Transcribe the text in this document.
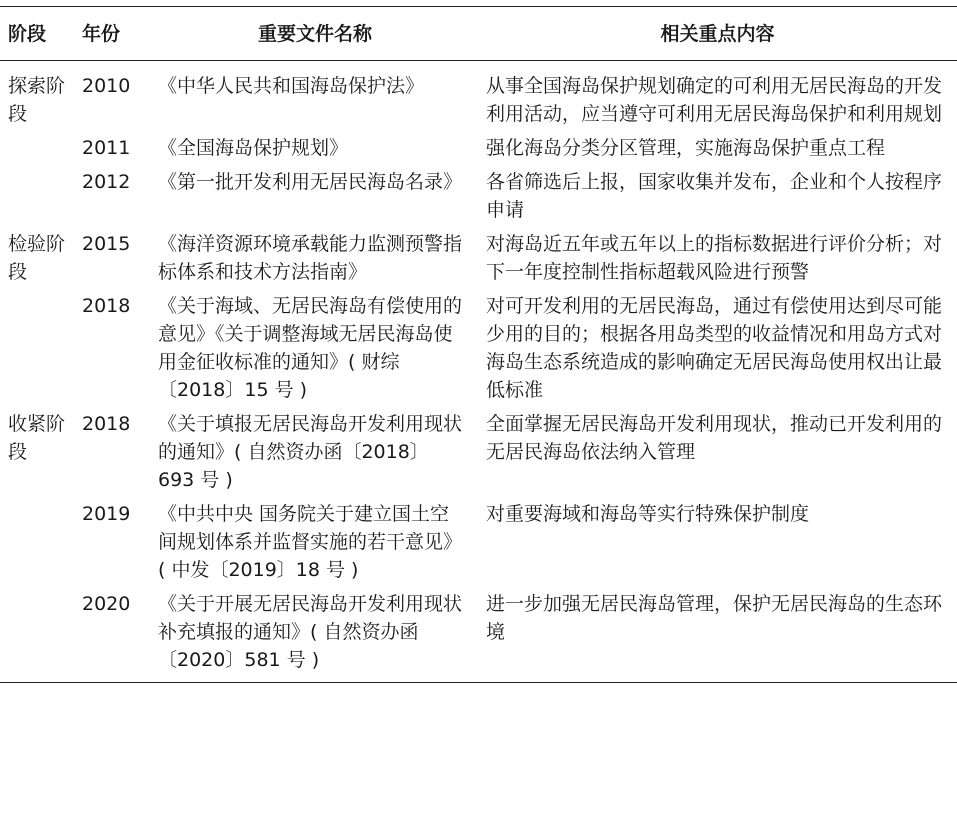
阶段	年份	重要文件名称	相关重点内容
探索阶段	2010	《中华人民共和国海岛保护法》	从事全国海岛保护规划确定的可利用无居民海岛的开发利用活动，应当遵守可利用无居民海岛保护和利用规划
	2011	《全国海岛保护规划》	强化海岛分类分区管理，实施海岛保护重点工程
	2012	《第一批开发利用无居民海岛名录》	各省筛选后上报，国家收集并发布，企业和个人按程序申请
检验阶段	2015	《海洋资源环境承载能力监测预警指标体系和技术方法指南》	对海岛近五年或五年以上的指标数据进行评价分析；对下一年度控制性指标超载风险进行预警
	2018	《关于海域、无居民海岛有偿使用的意见》《关于调整海域无居民海岛使用金征收标准的通知》( 财综〔2018〕15 号 )	对可开发利用的无居民海岛，通过有偿使用达到尽可能少用的目的；根据各用岛类型的收益情况和用岛方式对海岛生态系统造成的影响确定无居民海岛使用权出让最低标准
收紧阶段	2018	《关于填报无居民海岛开发利用现状的通知》( 自然资办函〔2018〕693 号 )	全面掌握无居民海岛开发利用现状，推动已开发利用的无居民海岛依法纳入管理
	2019	《中共中央 国务院关于建立国土空间规划体系并监督实施的若干意见》( 中发〔2019〕18 号 )	对重要海域和海岛等实行特殊保护制度
	2020	《关于开展无居民海岛开发利用现状补充填报的通知》( 自然资办函〔2020〕581 号 )	进一步加强无居民海岛管理，保护无居民海岛的生态环境
